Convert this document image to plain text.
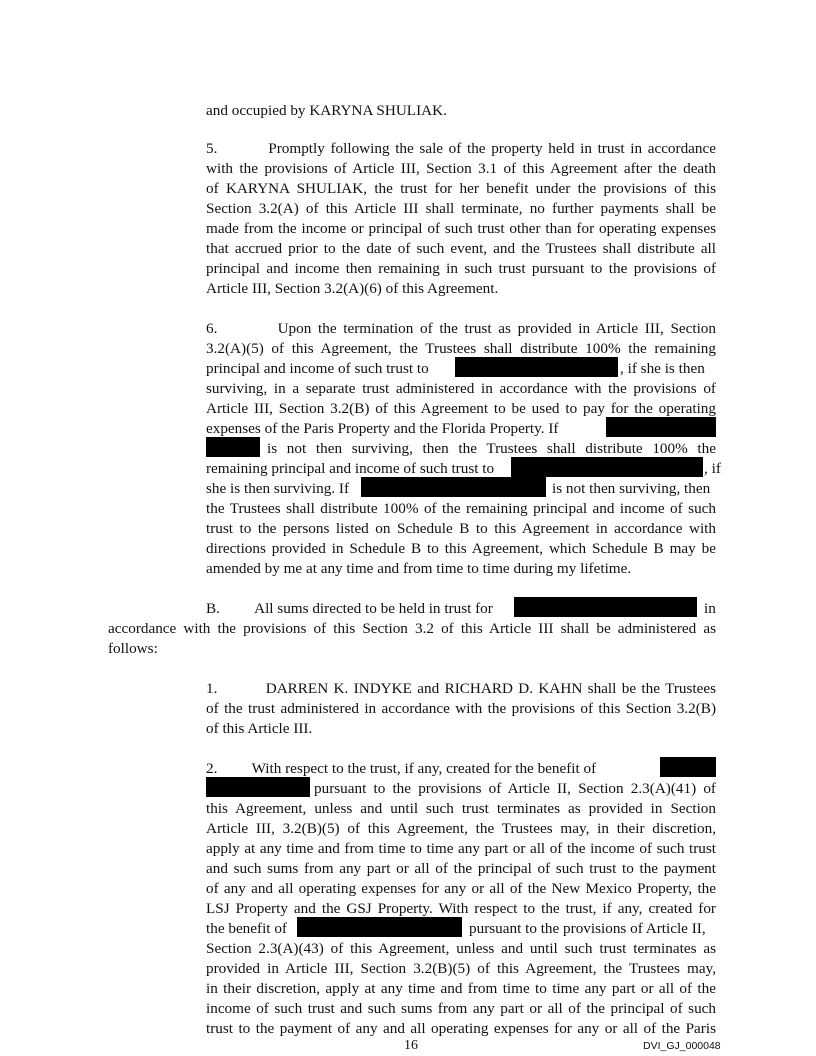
and occupied by KARYNA SHULIAK.
5.         Promptly following the sale of the property held in trust in accordance
with the provisions of Article III, Section 3.1 of this Agreement after the death
of KARYNA SHULIAK, the trust for her benefit under the provisions of this
Section 3.2(A) of this Article III shall terminate, no further payments shall be
made from the income or principal of such trust other than for operating expenses
that accrued prior to the date of such event, and the Trustees shall distribute all
principal and income then remaining in such trust pursuant to the provisions of
Article III, Section 3.2(A)(6) of this Agreement.
6.         Upon the termination of the trust as provided in Article III, Section
3.2(A)(5) of this Agreement, the Trustees shall distribute 100% the remaining
principal and income of such trust to	, if she is then
surviving, in a separate trust administered in accordance with the provisions of
Article III, Section 3.2(B) of this Agreement to be used to pay for the operating
expenses of the Paris Property and the Florida Property. If
is not then surviving, then the Trustees shall distribute 100% the
remaining principal and income of such trust to	, if
she is then surviving. If	is not then surviving, then
the Trustees shall distribute 100% of the remaining principal and income of such
trust to the persons listed on Schedule B to this Agreement in accordance with
directions provided in Schedule B to this Agreement, which Schedule B may be
amended by me at any time and from time to time during my lifetime.
B.         All sums directed to be held in trust for	in
accordance with the provisions of this Section 3.2 of this Article III shall be administered as
follows:
1.         DARREN K. INDYKE and RICHARD D. KAHN shall be the Trustees
of the trust administered in accordance with the provisions of this Section 3.2(B)
of this Article III.
2.         With respect to the trust, if any, created for the benefit of
pursuant to the provisions of Article II, Section 2.3(A)(41) of
this Agreement, unless and until such trust terminates as provided in Section
Article III, 3.2(B)(5) of this Agreement, the Trustees may, in their discretion,
apply at any time and from time to time any part or all of the income of such trust
and such sums from any part or all of the principal of such trust to the payment
of any and all operating expenses for any or all of the New Mexico Property, the
LSJ Property and the GSJ Property. With respect to the trust, if any, created for
the benefit of	pursuant to the provisions of Article II,
Section 2.3(A)(43) of this Agreement, unless and until such trust terminates as
provided in Article III, Section 3.2(B)(5) of this Agreement, the Trustees may,
in their discretion, apply at any time and from time to time any part or all of the
income of such trust and such sums from any part or all of the principal of such
trust to the payment of any and all operating expenses for any or all of the Paris
16	DVI_GJ_000048
